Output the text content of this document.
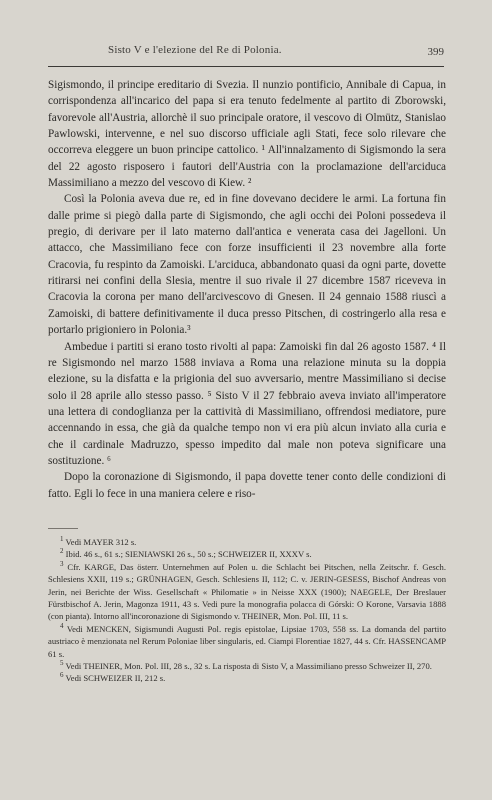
Sisto V e l'elezione del Re di Polonia.	399

Sigismondo, il principe ereditario di Svezia. Il nunzio pontificio, Annibale di Capua, in corrispondenza all'incarico del papa si era tenuto fedelmente al partito di Zborowski, favorevole all'Austria, allorchè il suo principale oratore, il vescovo di Olmütz, Stanislao Pawlowski, intervenne, e nel suo discorso ufficiale agli Stati, fece solo rilevare che occorreva eleggere un buon principe cattolico. ¹ All'innalzamento di Sigismondo la sera del 22 agosto risposero i fautori dell'Austria con la proclamazione dell'arciduca Massimiliano a mezzo del vescovo di Kiew. ²

Così la Polonia aveva due re, ed in fine dovevano decidere le armi. La fortuna fin dalle prime si piegò dalla parte di Sigismondo, che agli occhi dei Poloni possedeva il pregio, di derivare per il lato materno dall'antica e venerata casa dei Jagelloni. Un attacco, che Massimiliano fece con forze insufficienti il 23 novembre alla forte Cracovia, fu respinto da Zamoiski. L'arciduca, abbandonato quasi da ogni parte, dovette ritirarsi nei confini della Slesia, mentre il suo rivale il 27 dicembre 1587 riceveva in Cracovia la corona per mano dell'arcivescovo di Gnesen. Il 24 gennaio 1588 riuscì a Zamoiski, di battere definitivamente il duca presso Pitschen, di costringerlo alla resa e portarlo prigioniero in Polonia.³

Ambedue i partiti si erano tosto rivolti al papa: Zamoiski fin dal 26 agosto 1587. ⁴ Il re Sigismondo nel marzo 1588 inviava a Roma una relazione minuta su la doppia elezione, su la disfatta e la prigionia del suo avversario, mentre Massimiliano si decise solo il 28 aprile allo stesso passo. ⁵ Sisto V il 27 febbraio aveva inviato all'imperatore una lettera di condoglianza per la cattività di Massimiliano, offrendosi mediatore, pure accennando in essa, che già da qualche tempo non vi era più alcun inviato alla curia e che il cardinale Madruzzo, spesso impedito dal male non poteva significare una sostituzione. ⁶

Dopo la coronazione di Sigismondo, il papa dovette tener conto delle condizioni di fatto. Egli lo fece in una maniera celere e riso-

$^1$ Vedi MAYER 312 s.

$^2$ Ibid. 46 s., 61 s.; SIENIAWSKI 26 s., 50 s.; SCHWEIZER II, XXXV s.

$^3$ Cfr. KARGE, Das österr. Unternehmen auf Polen u. die Schlacht bei Pitschen, nella Zeitschr. f. Gesch. Schlesiens XXII, 119 s.; GRÜNHAGEN, Gesch. Schlesiens II, 112; C. v. JERIN-GESESS, Bischof Andreas von Jerin, nei Berichte der Wiss. Gesellschaft « Philomatie » in Neisse XXX (1900); NAEGELE, Der Breslauer Fürstbischof A. Jerin, Magonza 1911, 43 s. Vedi pure la monografia polacca di Górski: O Korone, Varsavia 1888 (con pianta). Intorno all'incoronazione di Sigismondo v. THEINER, Mon. Pol. III, 11 s.

$^4$ Vedi MENCKEN, Sigismundi Augusti Pol. regis epistolae, Lipsiae 1703, 558 ss. La domanda del partito austriaco è menzionata nel Rerum Poloniae liber singularis, ed. Ciampi Florentiae 1827, 44 s. Cfr. HASSENCAMP 61 s.

$^5$ Vedi THEINER, Mon. Pol. III, 28 s., 32 s. La risposta di Sisto V, a Massimiliano presso Schweizer II, 270.

$^6$ Vedi SCHWEIZER II, 212 s.
